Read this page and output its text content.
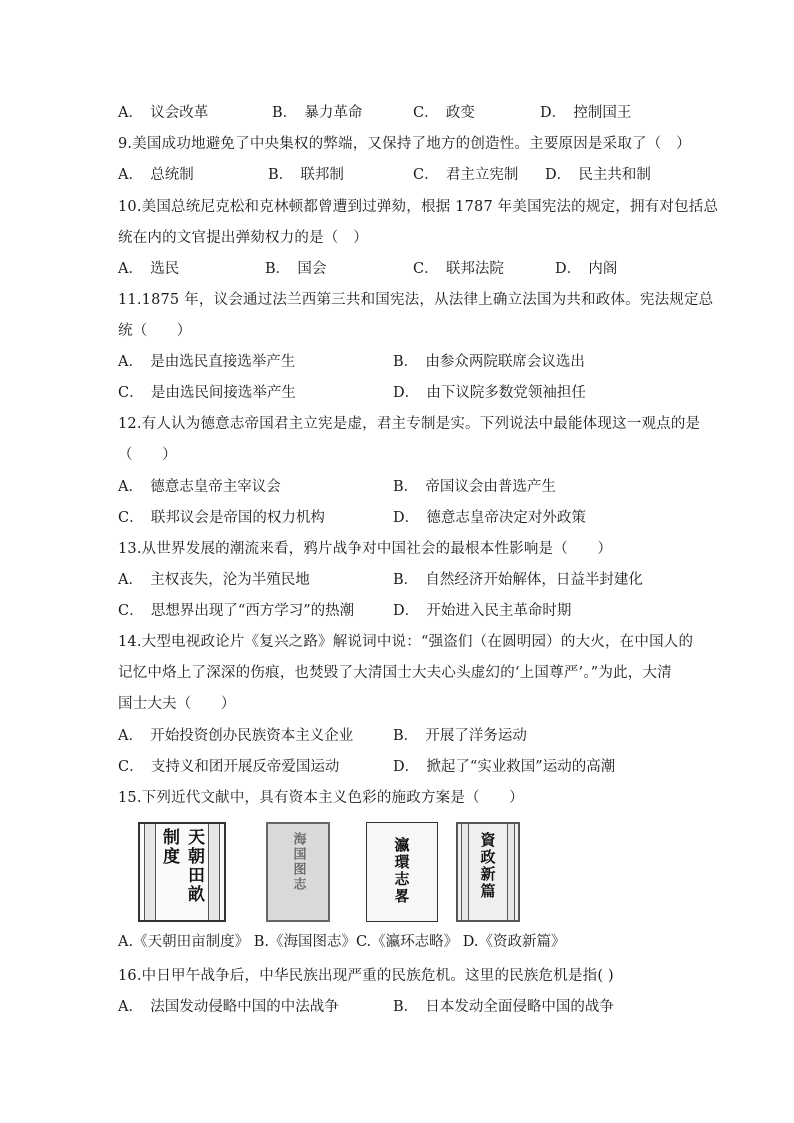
A．　议会改革	B．　暴力革命	C．　政变	D．　控制国王
9.美国成功地避免了中央集权的弊端，又保持了地方的创造性。主要原因是采取了（　）
A．　总统制	B．　联邦制	C．　君主立宪制 D．　民主共和制
10.美国总统尼克松和克林顿都曾遭到过弹劾，根据 1787 年美国宪法的规定，拥有对包括总
统在内的文官提出弹劾权力的是（　）
A．　选民	B．　国会	C．　联邦法院	D．　内阁
11.1875 年，议会通过法兰西第三共和国宪法，从法律上确立法国为共和政体。宪法规定总
统（　　）
A．　是由选民直接选举产生	B．　由参众两院联席会议选出
C．　是由选民间接选举产生	D．　由下议院多数党领袖担任
12.有人认为德意志帝国君主立宪是虚，君主专制是实。下列说法中最能体现这一观点的是
（　　）
A．　德意志皇帝主宰议会	B．　帝国议会由普选产生
C．　联邦议会是帝国的权力机构	D．　德意志皇帝决定对外政策
13.从世界发展的潮流来看，鸦片战争对中国社会的最根本性影响是（　　）
A．　主权丧失，沦为半殖民地	B．　自然经济开始解体，日益半封建化
C．　思想界出现了“西方学习”的热潮	D．　开始进入民主革命时期
14.大型电视政论片《复兴之路》解说词中说：“强盗们（在圆明园）的大火，在中国人的
记忆中烙上了深深的伤痕，也焚毁了大清国士大夫心头虚幻的‘上国尊严’。”为此，大清
国士大夫（　　）
A．　开始投资创办民族资本主义企业	B．　开展了洋务运动
C．　支持义和团开展反帝爱国运动	D．　掀起了“实业救国”运动的高潮
15.下列近代文献中，具有资本主义色彩的施政方案是（　　）
天朝田畝制度	海国图志	瀛環志畧	資政新篇
A.《天朝田亩制度》 B.《海国图志》C.《瀛环志略》 D.《资政新篇》
16.中日甲午战争后，中华民族出现严重的民族危机。这里的民族危机是指( )
A．　法国发动侵略中国的中法战争	B．　日本发动全面侵略中国的战争
